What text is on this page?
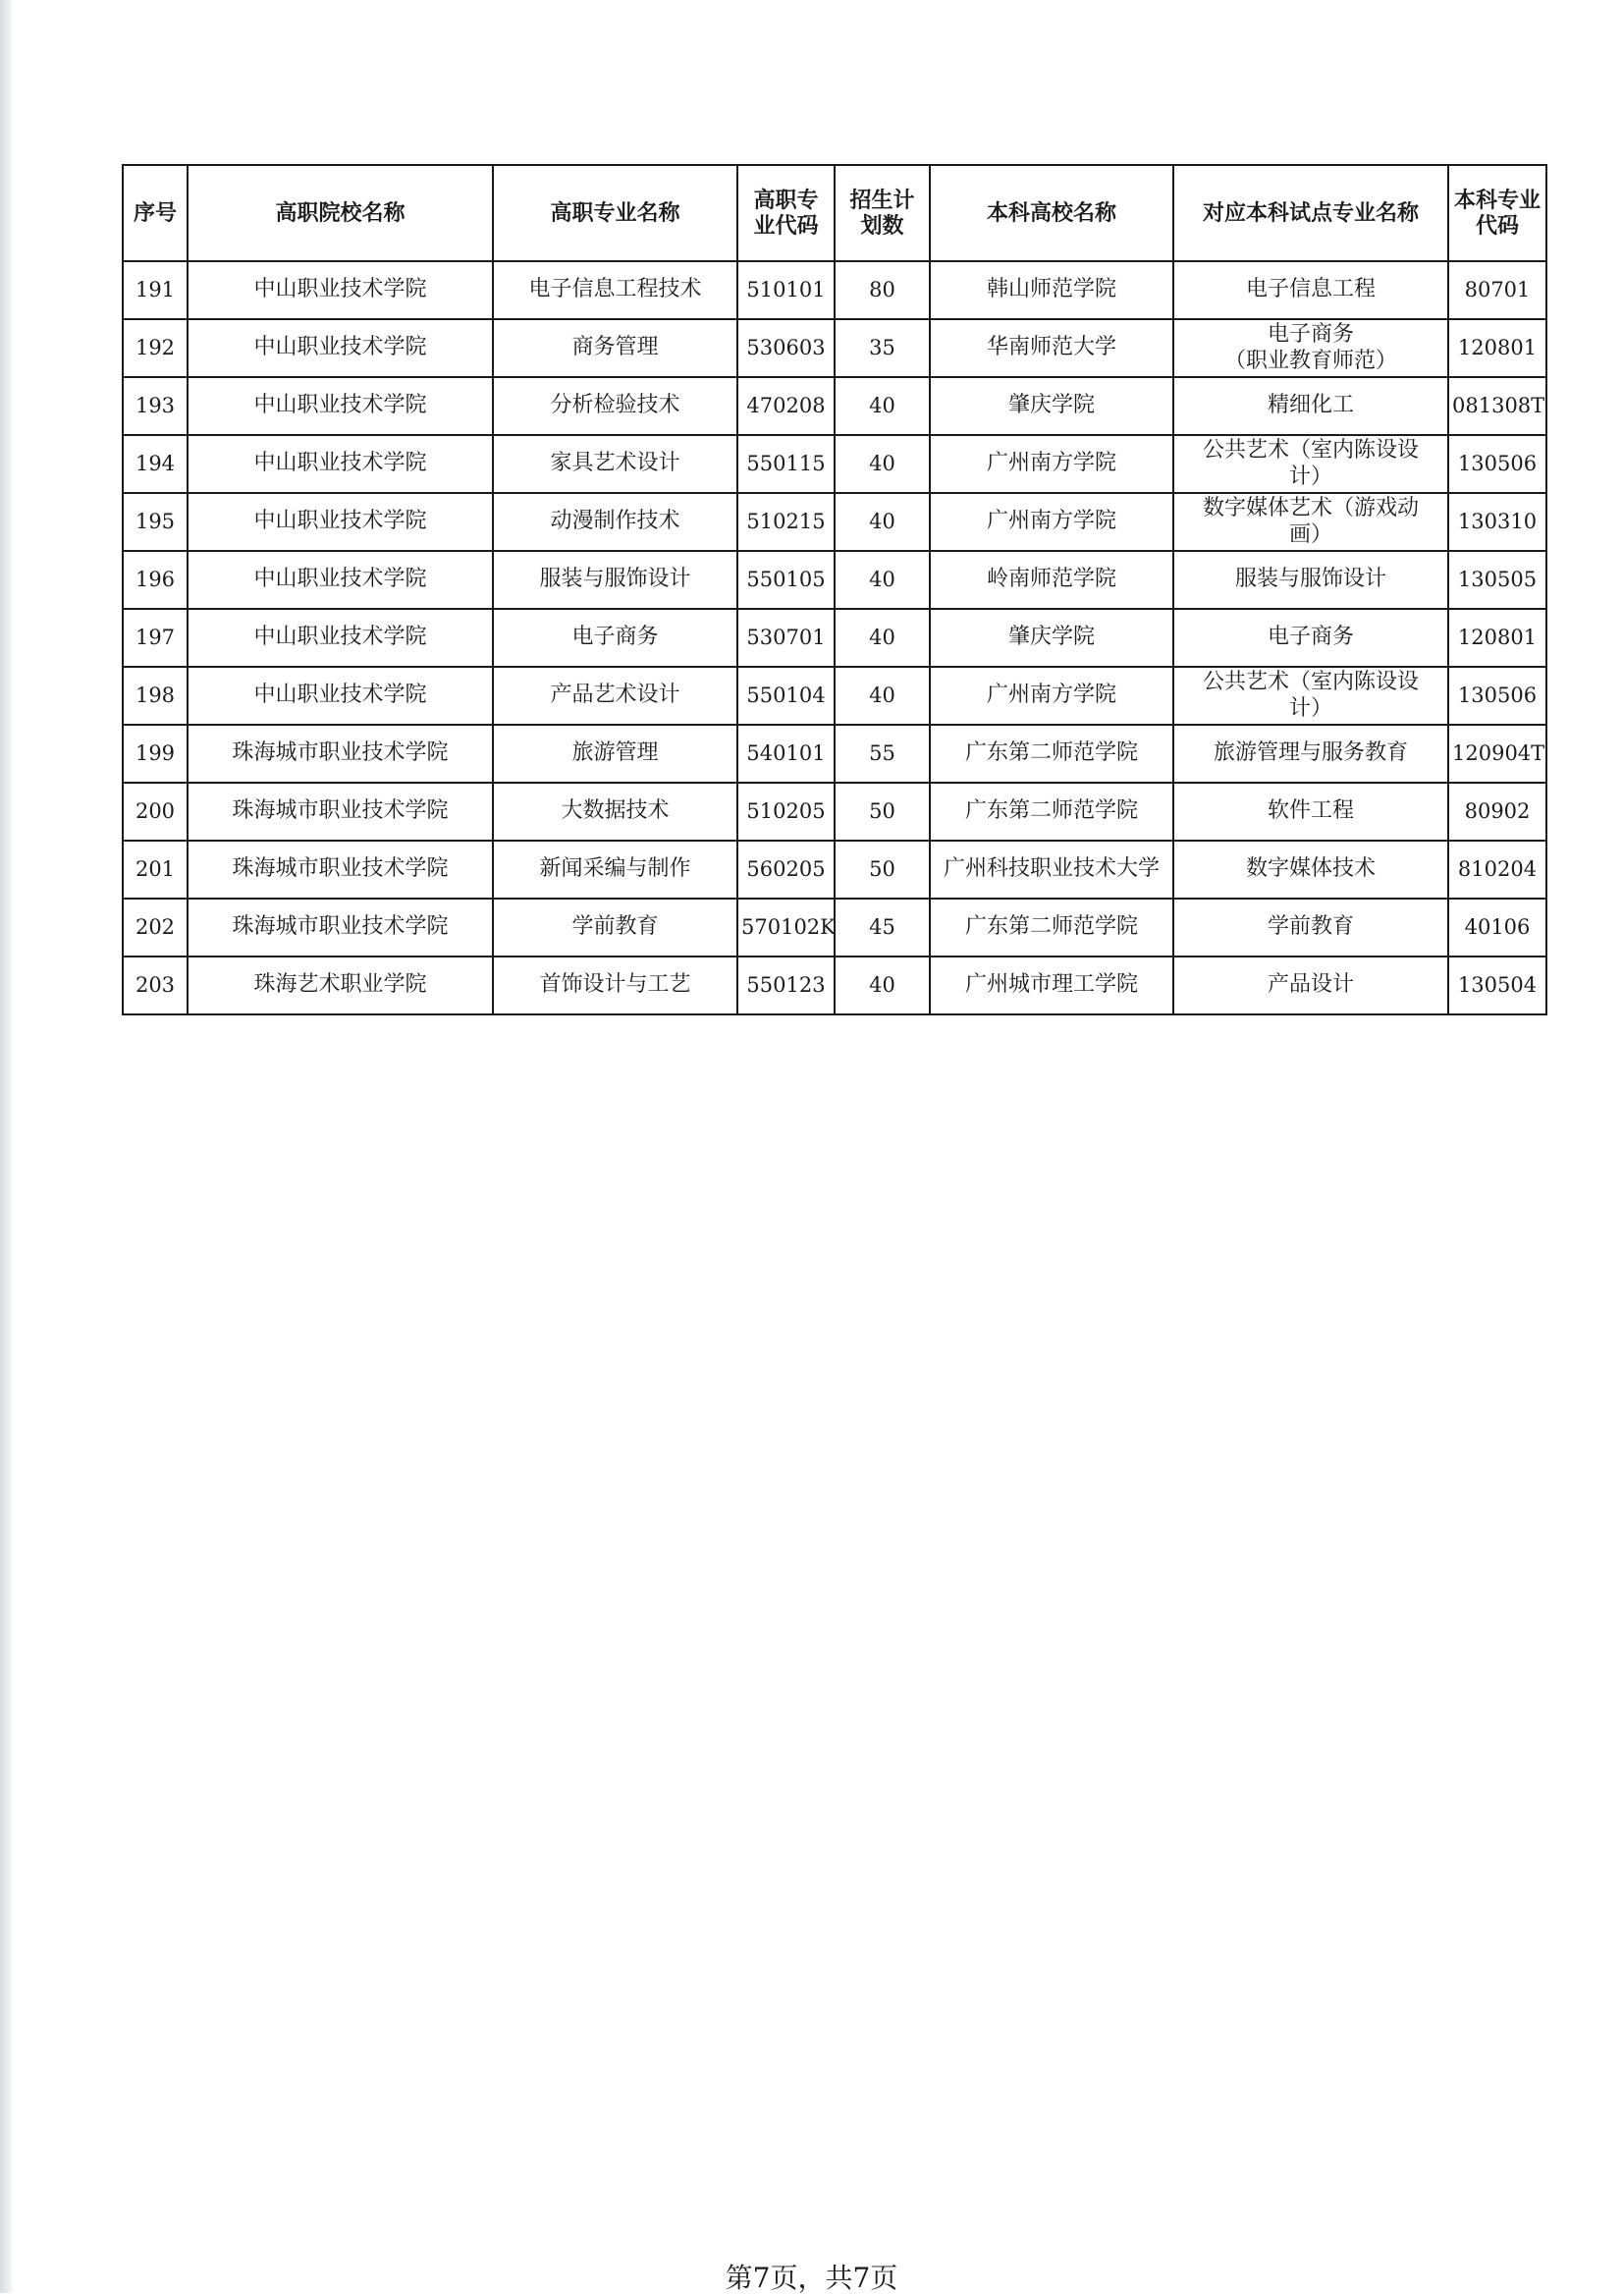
序号	高职院校名称	高职专业名称	高职专
业代码	招生计
划数	本科高校名称	对应本科试点专业名称	本科专业
代码

191	中山职业技术学院	电子信息工程技术	510101	80	韩山师范学院	电子信息工程	80701
192	中山职业技术学院	商务管理	530603	35	华南师范大学	电子商务
（职业教育师范）	120801
193	中山职业技术学院	分析检验技术	470208	40	肇庆学院	精细化工	081308T
194	中山职业技术学院	家具艺术设计	550115	40	广州南方学院	公共艺术（室内陈设设
计）	130506
195	中山职业技术学院	动漫制作技术	510215	40	广州南方学院	数字媒体艺术（游戏动
画）	130310
196	中山职业技术学院	服装与服饰设计	550105	40	岭南师范学院	服装与服饰设计	130505
197	中山职业技术学院	电子商务	530701	40	肇庆学院	电子商务	120801
198	中山职业技术学院	产品艺术设计	550104	40	广州南方学院	公共艺术（室内陈设设
计）	130506
199	珠海城市职业技术学院	旅游管理	540101	55	广东第二师范学院	旅游管理与服务教育	120904T
200	珠海城市职业技术学院	大数据技术	510205	50	广东第二师范学院	软件工程	80902
201	珠海城市职业技术学院	新闻采编与制作	560205	50	广州科技职业技术大学	数字媒体技术	810204
202	珠海城市职业技术学院	学前教育	570102K	45	广东第二师范学院	学前教育	40106
203	珠海艺术职业学院	首饰设计与工艺	550123	40	广州城市理工学院	产品设计	130504
第7页，共7页
